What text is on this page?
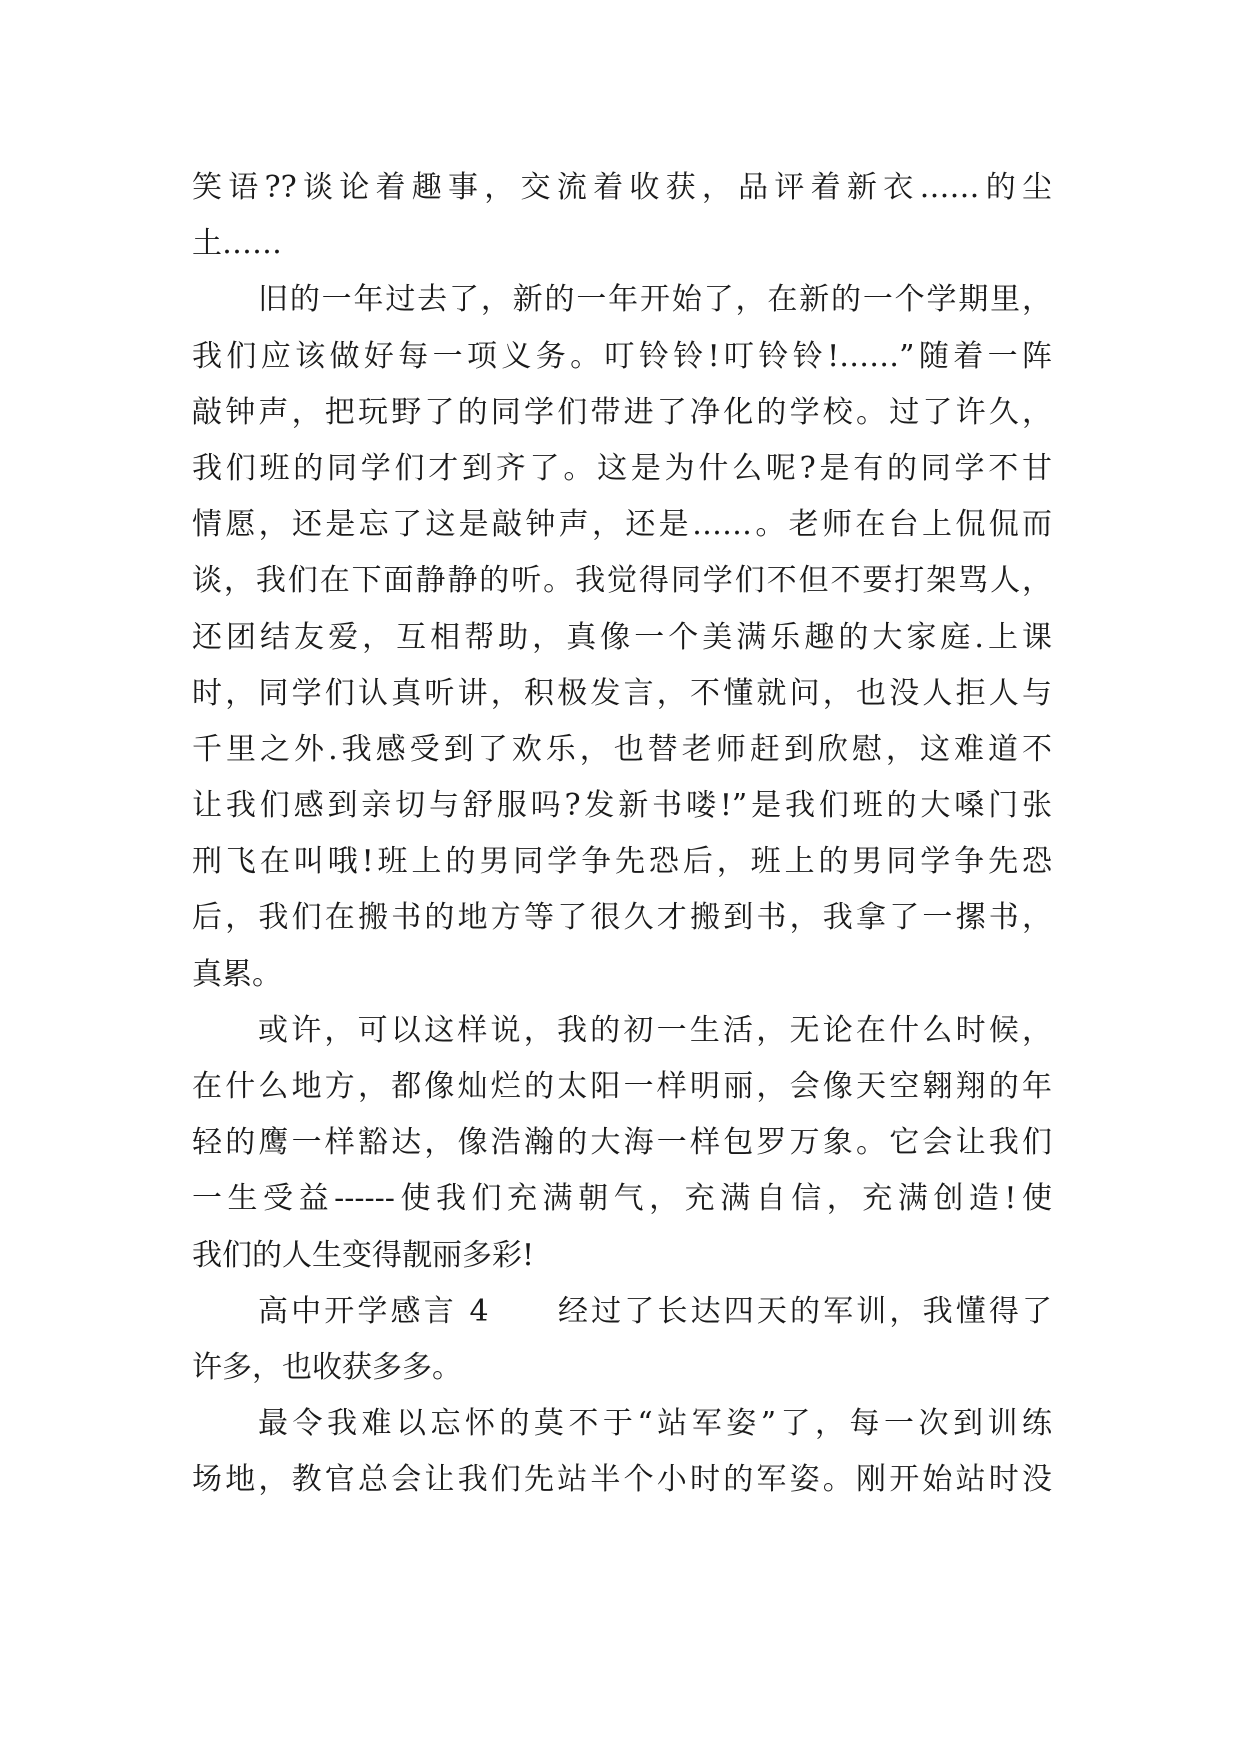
笑语??谈论着趣事，交流着收获，品评着新衣……的尘
土……
旧的一年过去了，新的一年开始了，在新的一个学期里，
我们应该做好每一项义务。叮铃铃!叮铃铃!……”随着一阵
敲钟声，把玩野了的同学们带进了净化的学校。过了许久，
我们班的同学们才到齐了。这是为什么呢?是有的同学不甘
情愿，还是忘了这是敲钟声，还是……。老师在台上侃侃而
谈，我们在下面静静的听。我觉得同学们不但不要打架骂人，
还团结友爱，互相帮助，真像一个美满乐趣的大家庭.上课
时，同学们认真听讲，积极发言，不懂就问，也没人拒人与
千里之外.我感受到了欢乐，也替老师赶到欣慰，这难道不
让我们感到亲切与舒服吗?发新书喽!”是我们班的大嗓门张
刑飞在叫哦!班上的男同学争先恐后，班上的男同学争先恐
后，我们在搬书的地方等了很久才搬到书，我拿了一摞书，
真累。
或许，可以这样说，我的初一生活，无论在什么时候，
在什么地方，都像灿烂的太阳一样明丽，会像天空翱翔的年
轻的鹰一样豁达，像浩瀚的大海一样包罗万象。它会让我们
一生受益------使我们充满朝气，充满自信，充满创造!使
我们的人生变得靓丽多彩!
高中开学感言 4　　经过了长达四天的军训，我懂得了
许多，也收获多多。
最令我难以忘怀的莫不于“站军姿”了，每一次到训练
场地，教官总会让我们先站半个小时的军姿。刚开始站时没
